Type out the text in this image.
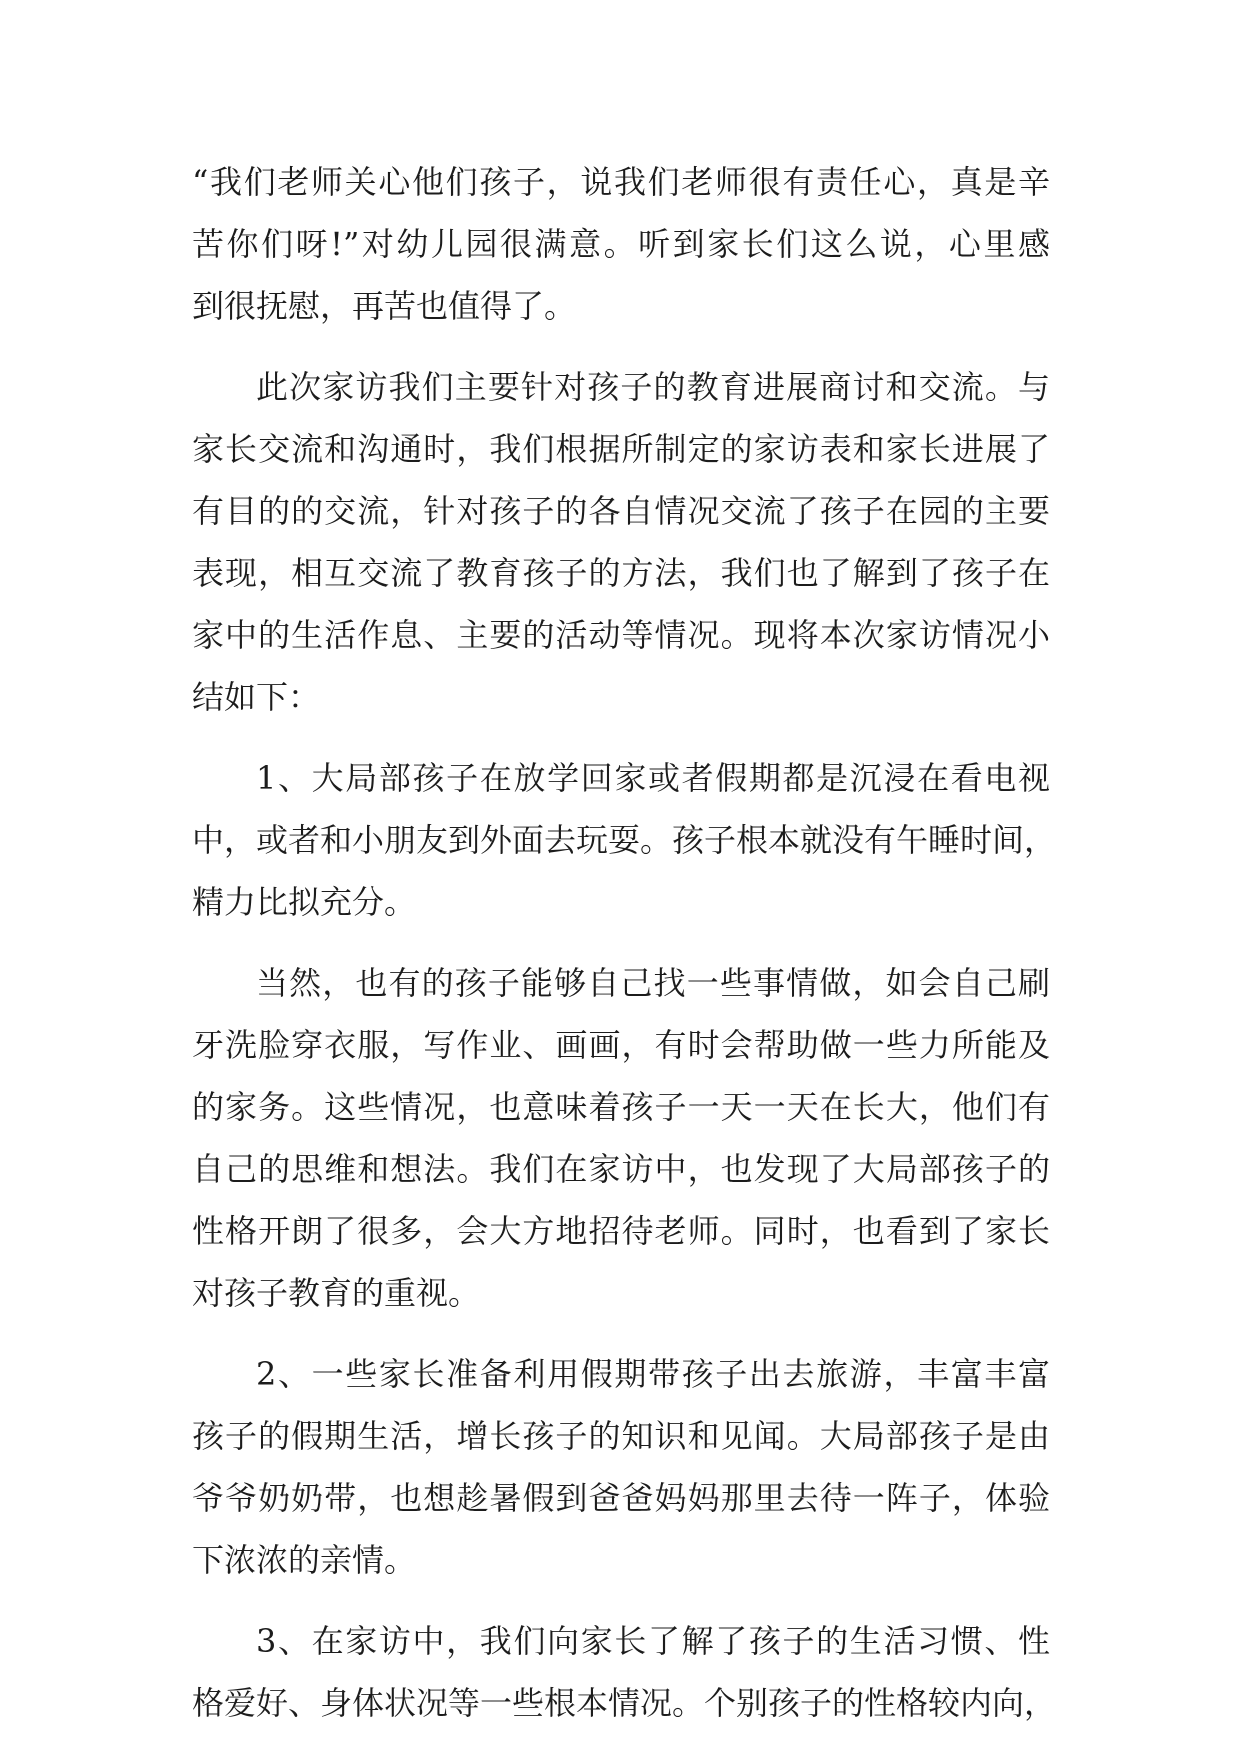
“我们老师关心他们孩子，说我们老师很有责任心，真是辛
苦你们呀!”对幼儿园很满意。听到家长们这么说，心里感
到很抚慰，再苦也值得了。
此次家访我们主要针对孩子的教育进展商讨和交流。与
家长交流和沟通时，我们根据所制定的家访表和家长进展了
有目的的交流，针对孩子的各自情况交流了孩子在园的主要
表现，相互交流了教育孩子的方法，我们也了解到了孩子在
家中的生活作息、主要的活动等情况。现将本次家访情况小
结如下：
1、大局部孩子在放学回家或者假期都是沉浸在看电视
中，或者和小朋友到外面去玩耍。孩子根本就没有午睡时间，
精力比拟充分。
当然，也有的孩子能够自己找一些事情做，如会自己刷
牙洗脸穿衣服，写作业、画画，有时会帮助做一些力所能及
的家务。这些情况，也意味着孩子一天一天在长大，他们有
自己的思维和想法。我们在家访中，也发现了大局部孩子的
性格开朗了很多，会大方地招待老师。同时，也看到了家长
对孩子教育的重视。
2、一些家长准备利用假期带孩子出去旅游，丰富丰富
孩子的假期生活，增长孩子的知识和见闻。大局部孩子是由
爷爷奶奶带，也想趁暑假到爸爸妈妈那里去待一阵子，体验
下浓浓的亲情。
3、在家访中，我们向家长了解了孩子的生活习惯、性
格爱好、身体状况等一些根本情况。个别孩子的性格较内向，
